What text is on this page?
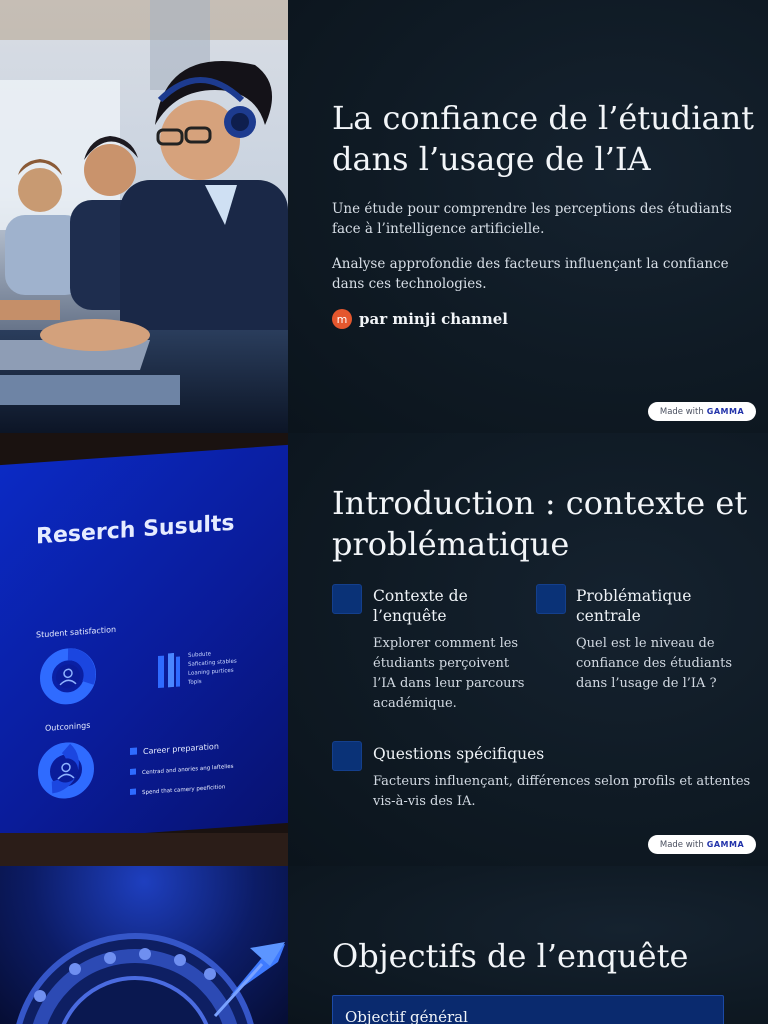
La confiance de l’étudiant
dans l’usage de l’IA
Une étude pour comprendre les perceptions des étudiants face à l’intelligence artificielle.
Analyse approfondie des facteurs influençant la confiance dans ces technologies.
m par minji channel
Made with GAMMA
Reserch Susults
Student satisfaction
Subdute
Saficating stables
Loaning purtices
Topis
Outconings
Career preparation
Centrad and anories ang laftelies
Spend that camery peeficition
Introduction : contexte et
problématique
Contexte de
l’enquête
Explorer comment les
étudiants perçoivent
l’IA dans leur parcours
académique.
Problématique
centrale
Quel est le niveau de
confiance des étudiants
dans l’usage de l’IA ?
Questions spécifiques
Facteurs influençant, différences selon profils et attentes
vis-à-vis des IA.
Made with GAMMA
Objectifs de l’enquête
Objectif général
